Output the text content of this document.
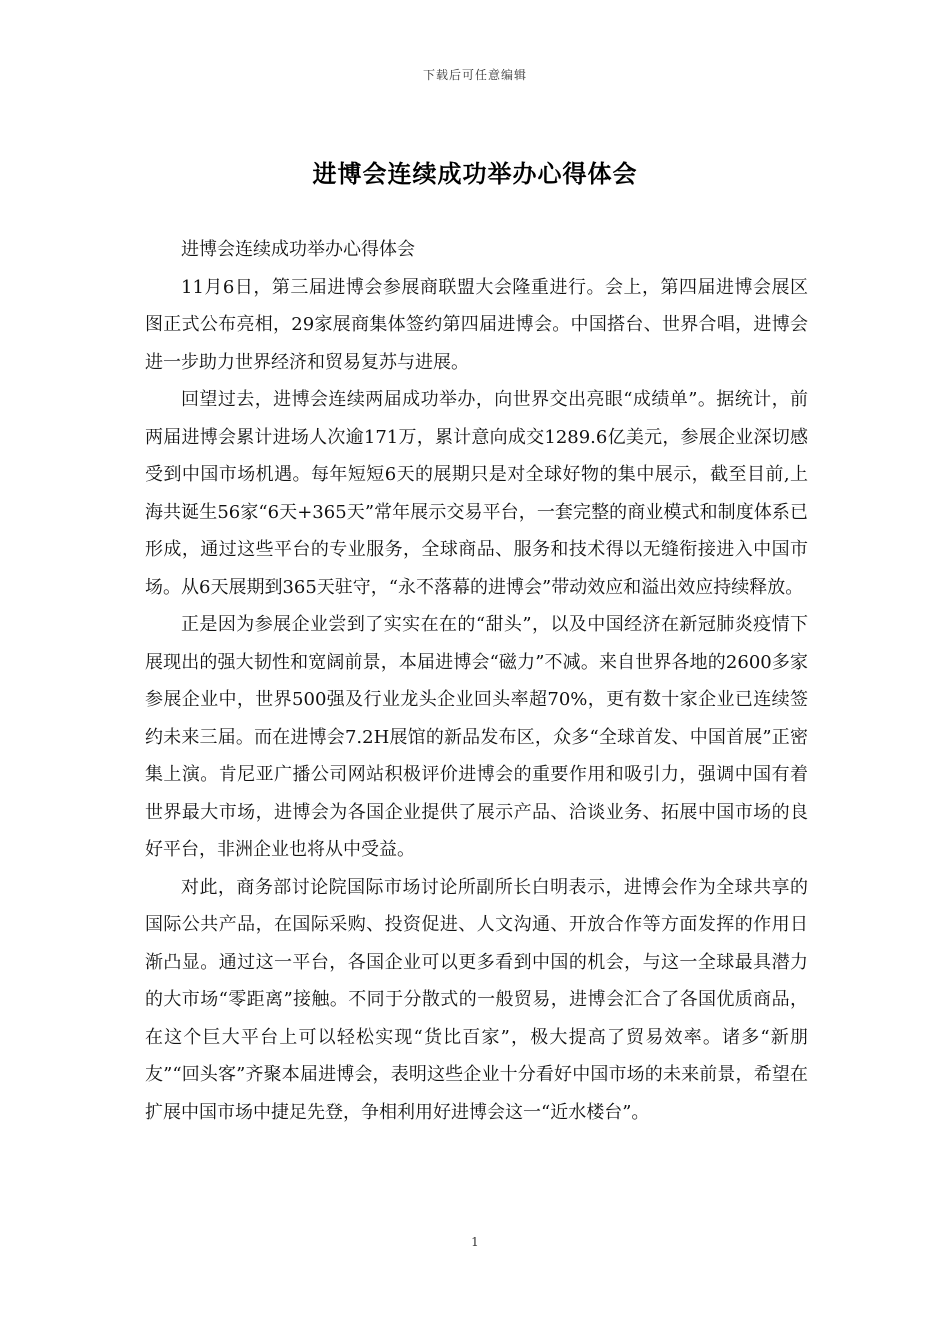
下载后可任意编辑
进博会连续成功举办心得体会

进博会连续成功举办心得体会

11月6日，第三届进博会参展商联盟大会隆重进行。会上，第四届进博会展区图正式公布亮相，29家展商集体签约第四届进博会。中国搭台、世界合唱，进博会进一步助力世界经济和贸易复苏与进展。

回望过去，进博会连续两届成功举办，向世界交出亮眼“成绩单”。据统计，前两届进博会累计进场人次逾171万，累计意向成交1289.6亿美元，参展企业深切感受到中国市场机遇。每年短短6天的展期只是对全球好物的集中展示，截至目前,上海共诞生56家“6天+365天”常年展示交易平台，一套完整的商业模式和制度体系已形成，通过这些平台的专业服务，全球商品、服务和技术得以无缝衔接进入中国市场。从6天展期到365天驻守，“永不落幕的进博会”带动效应和溢出效应持续释放。

正是因为参展企业尝到了实实在在的“甜头”，以及中国经济在新冠肺炎疫情下展现出的强大韧性和宽阔前景，本届进博会“磁力”不减。来自世界各地的2600多家参展企业中，世界500强及行业龙头企业回头率超70%，更有数十家企业已连续签约未来三届。而在进博会7.2H展馆的新品发布区，众多“全球首发、中国首展”正密集上演。肯尼亚广播公司网站积极评价进博会的重要作用和吸引力，强调中国有着世界最大市场，进博会为各国企业提供了展示产品、洽谈业务、拓展中国市场的良好平台，非洲企业也将从中受益。

对此，商务部讨论院国际市场讨论所副所长白明表示，进博会作为全球共享的国际公共产品，在国际采购、投资促进、人文沟通、开放合作等方面发挥的作用日渐凸显。通过这一平台，各国企业可以更多看到中国的机会，与这一全球最具潜力的大市场“零距离”接触。不同于分散式的一般贸易，进博会汇合了各国优质商品，在这个巨大平台上可以轻松实现“货比百家”，极大提高了贸易效率。诸多“新朋友”“回头客”齐聚本届进博会，表明这些企业十分看好中国市场的未来前景，希望在扩展中国市场中捷足先登，争相利用好进博会这一“近水楼台”。

1
